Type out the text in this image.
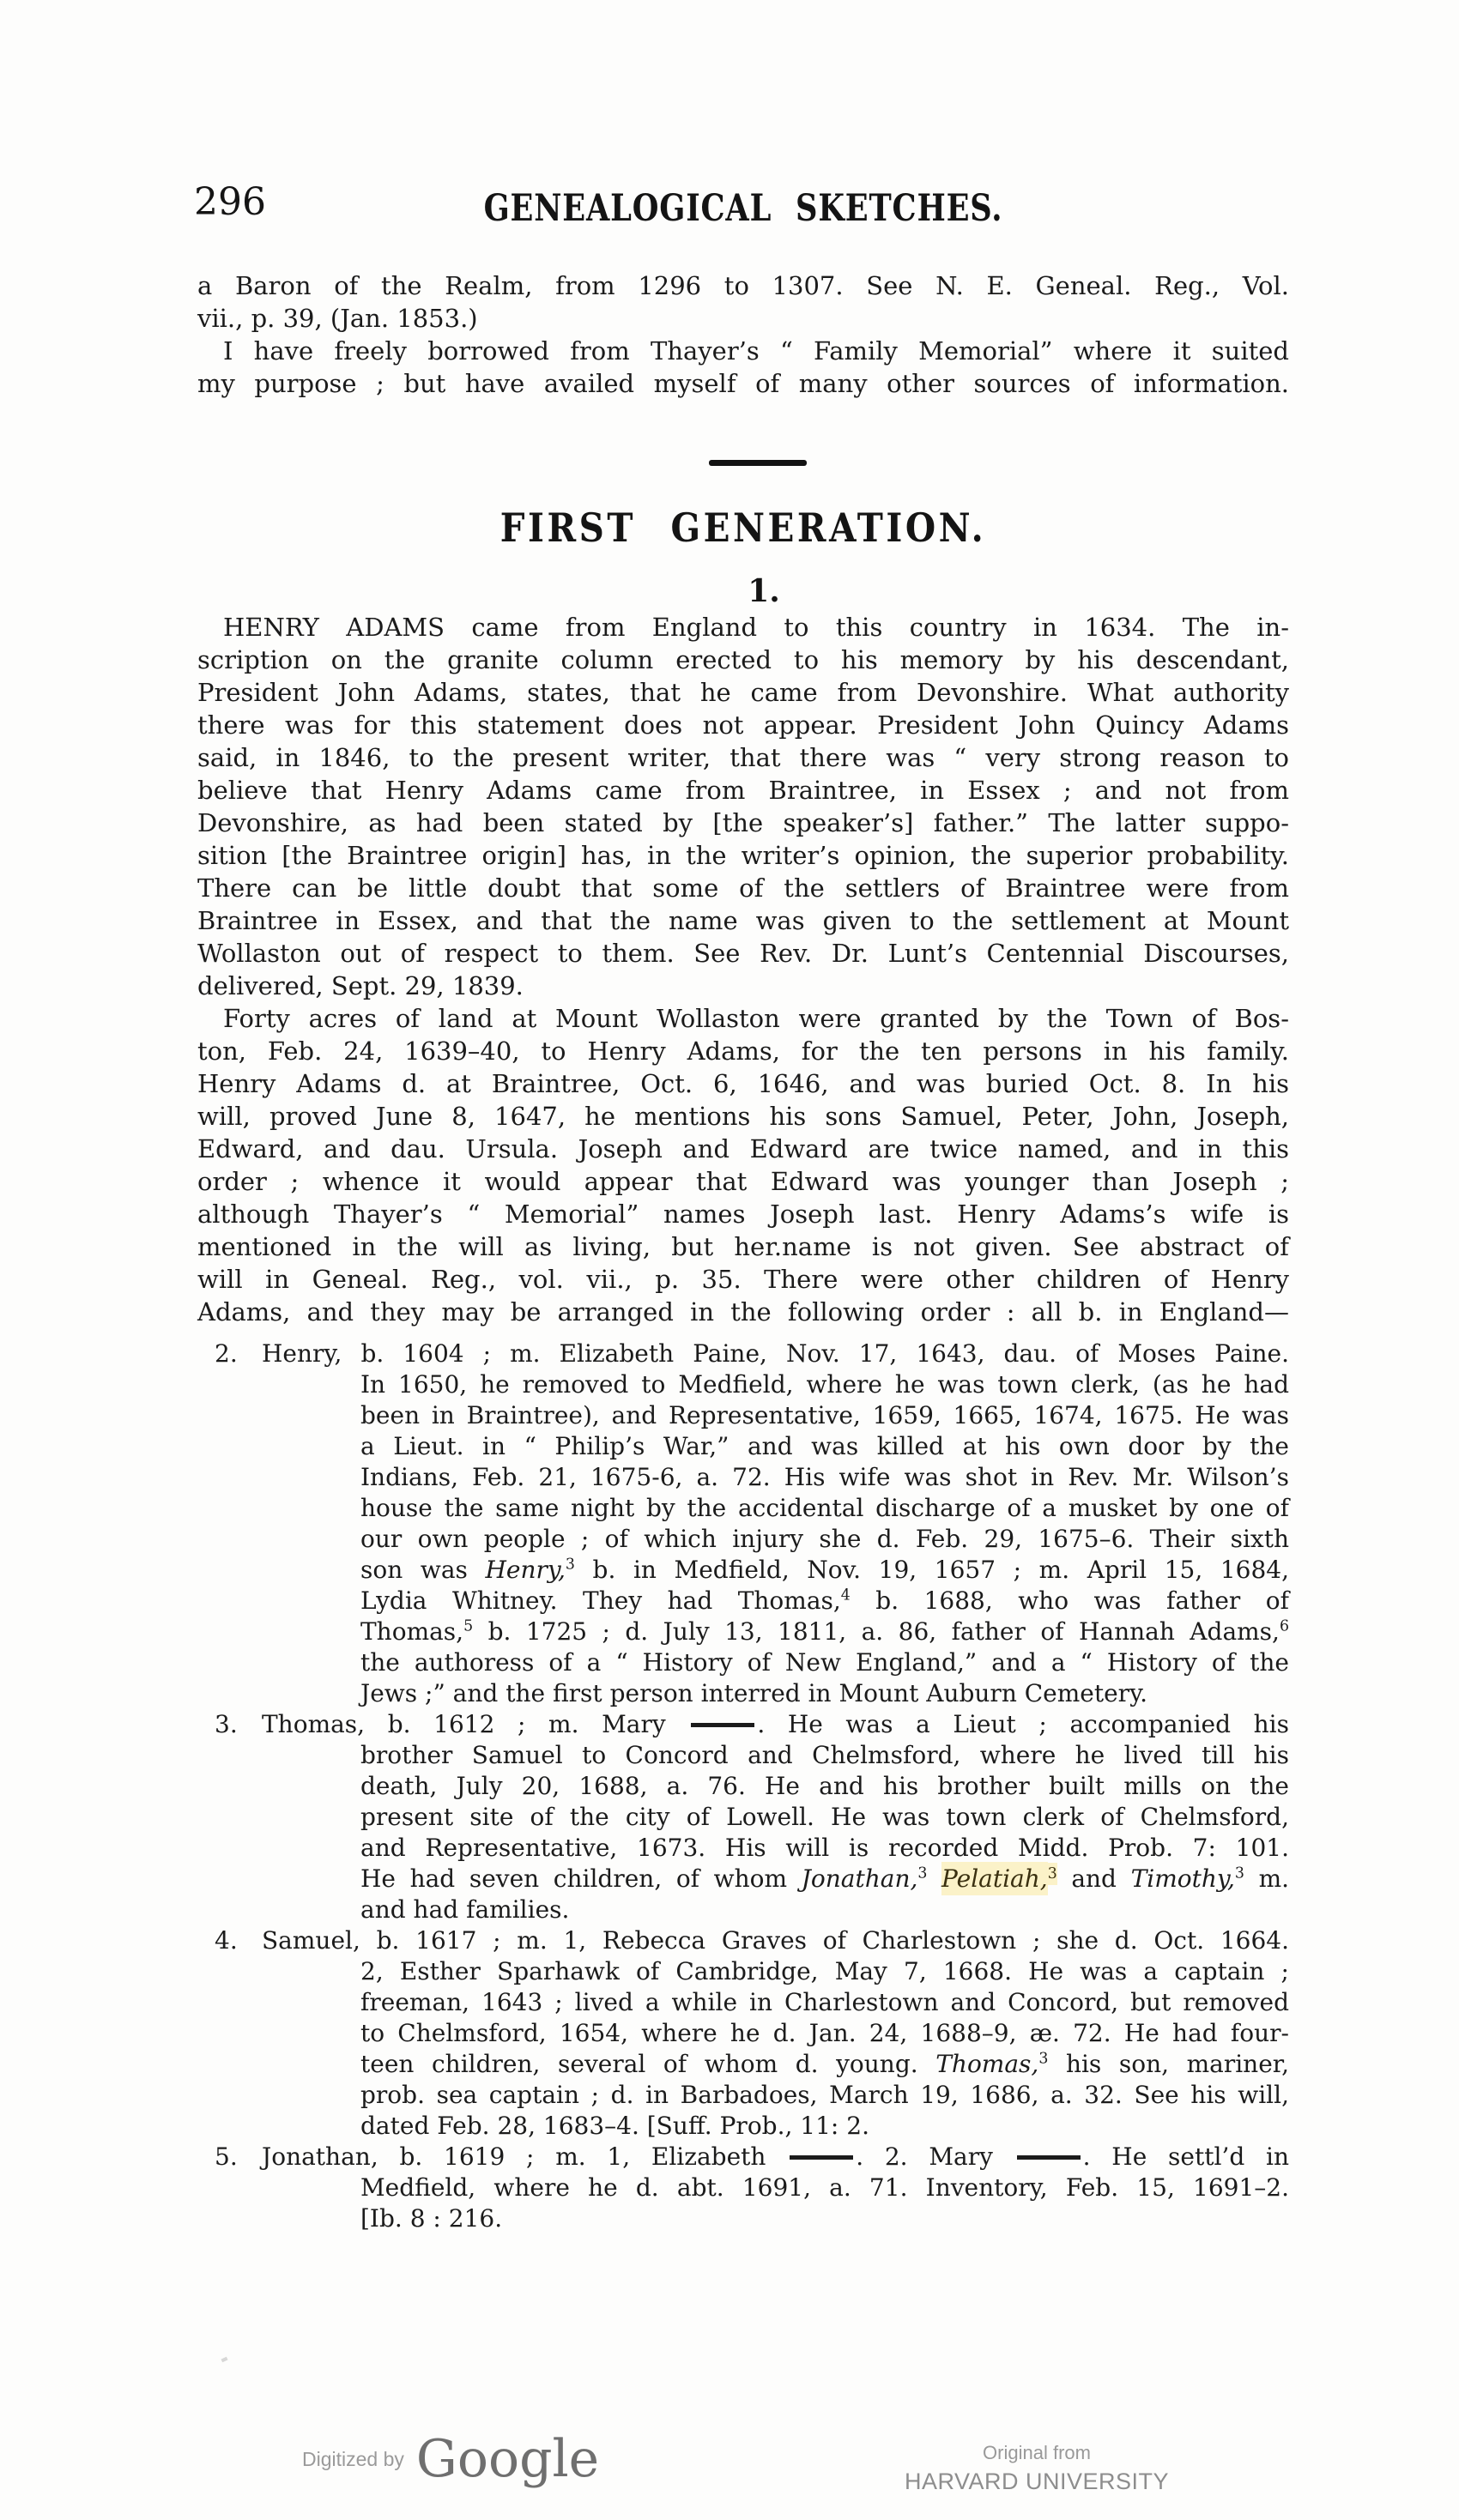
296	GENEALOGICAL SKETCHES.
a Baron of the Realm, from 1296 to 1307. See N. E. Geneal. Reg., Vol.
vii., p. 39, (Jan. 1853.)
I have freely borrowed from Thayer’s “ Family Memorial” where it suited
my purpose ; but have availed myself of many other sources of information.
FIRST GENERATION.
1.
HENRY ADAMS came from England to this country in 1634. The in-
scription on the granite column erected to his memory by his descendant,
President John Adams, states, that he came from Devonshire. What authority
there was for this statement does not appear. President John Quincy Adams
said, in 1846, to the present writer, that there was “ very strong reason to
believe that Henry Adams came from Braintree, in Essex ; and not from
Devonshire, as had been stated by [the speaker’s] father.” The latter suppo-
sition [the Braintree origin] has, in the writer’s opinion, the superior probability.
There can be little doubt that some of the settlers of Braintree were from
Braintree in Essex, and that the name was given to the settlement at Mount
Wollaston out of respect to them. See Rev. Dr. Lunt’s Centennial Discourses,
delivered, Sept. 29, 1839.
Forty acres of land at Mount Wollaston were granted by the Town of Bos-
ton, Feb. 24, 1639–40, to Henry Adams, for the ten persons in his family.
Henry Adams d. at Braintree, Oct. 6, 1646, and was buried Oct. 8. In his
will, proved June 8, 1647, he mentions his sons Samuel, Peter, John, Joseph,
Edward, and dau. Ursula. Joseph and Edward are twice named, and in this
order ; whence it would appear that Edward was younger than Joseph ;
although Thayer’s “ Memorial” names Joseph last. Henry Adams’s wife is
mentioned in the will as living, but her.name is not given. See abstract of
will in Geneal. Reg., vol. vii., p. 35. There were other children of Henry
Adams, and they may be arranged in the following order : all b. in England—
2. Henry, b. 1604 ; m. Elizabeth Paine, Nov. 17, 1643, dau. of Moses Paine.
In 1650, he removed to Medfield, where he was town clerk, (as he had
been in Braintree), and Representative, 1659, 1665, 1674, 1675. He was
a Lieut. in “ Philip’s War,” and was killed at his own door by the
Indians, Feb. 21, 1675-6, a. 72. His wife was shot in Rev. Mr. Wilson’s
house the same night by the accidental discharge of a musket by one of
our own people ; of which injury she d. Feb. 29, 1675–6. Their sixth
son was Henry,$^3$ b. in Medfield, Nov. 19, 1657 ; m. April 15, 1684,
Lydia Whitney. They had Thomas,$^4$ b. 1688, who was father of
Thomas,$^5$ b. 1725 ; d. July 13, 1811, a. 86, father of Hannah Adams,$^6$
the authoress of a “ History of New England,” and a “ History of the
Jews ;” and the first person interred in Mount Auburn Cemetery.
3. Thomas, b. 1612 ; m. Mary	. He was a Lieut ; accompanied his
brother Samuel to Concord and Chelmsford, where he lived till his
death, July 20, 1688, a. 76. He and his brother built mills on the
present site of the city of Lowell. He was town clerk of Chelmsford,
and Representative, 1673. His will is recorded Midd. Prob. 7: 101.
He had seven children, of whom Jonathan,$^3$ Pelatiah,$^3$ and Timothy,$^3$ m.
and had families.
4. Samuel, b. 1617 ; m. 1, Rebecca Graves of Charlestown ; she d. Oct. 1664.
2, Esther Sparhawk of Cambridge, May 7, 1668. He was a captain ;
freeman, 1643 ; lived a while in Charlestown and Concord, but removed
to Chelmsford, 1654, where he d. Jan. 24, 1688–9, æ. 72. He had four-
teen children, several of whom d. young. Thomas,$^3$ his son, mariner,
prob. sea captain ; d. in Barbadoes, March 19, 1686, a. 32. See his will,
dated Feb. 28, 1683–4. [Suff. Prob., 11: 2.
5. Jonathan, b. 1619 ; m. 1, Elizabeth	. 2. Mary	. He settl’d in
Medfield, where he d. abt. 1691, a. 71. Inventory, Feb. 15, 1691–2.
[Ib. 8 : 216.
Digitized by Google	Original from
HARVARD UNIVERSITY
